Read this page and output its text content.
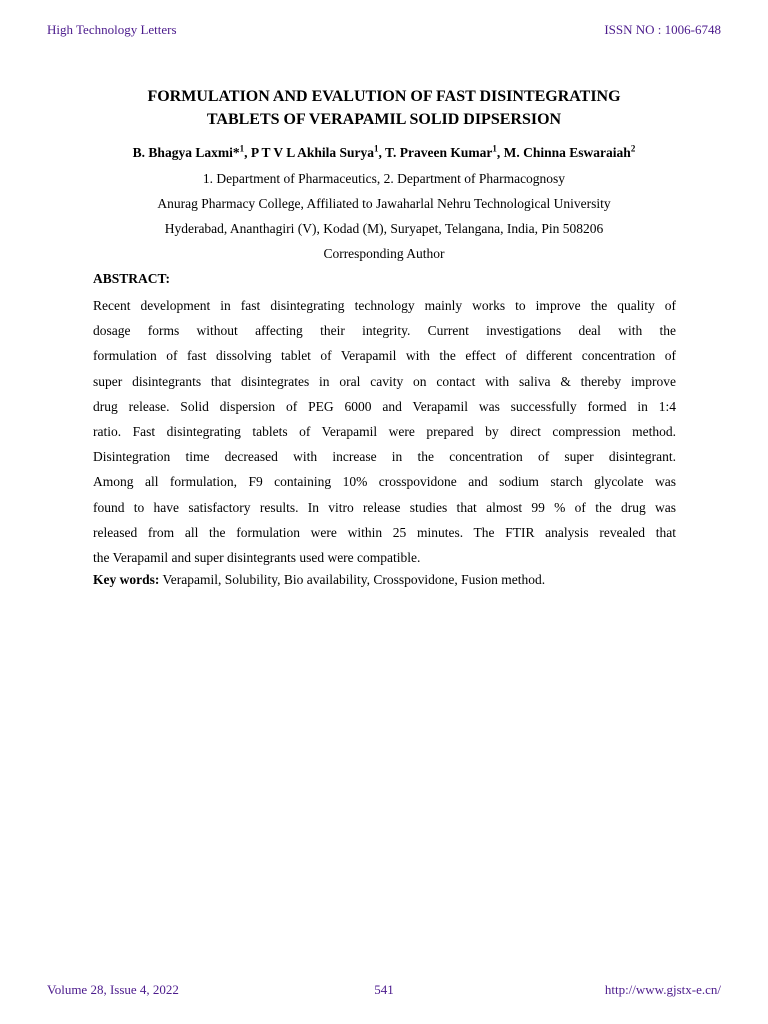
High Technology Letters	ISSN NO : 1006-6748
FORMULATION AND EVALUTION OF FAST DISINTEGRATING
TABLETS OF VERAPAMIL SOLID DIPSERSION
B. Bhagya Laxmi*$^1$, P T V L Akhila Surya$^1$, T. Praveen Kumar$^1$, M. Chinna Eswaraiah$^2$
1. Department of Pharmaceutics, 2. Department of Pharmacognosy
Anurag Pharmacy College, Affiliated to Jawaharlal Nehru Technological University
Hyderabad, Ananthagiri (V), Kodad (M), Suryapet, Telangana, India, Pin 508206
Corresponding Author
ABSTRACT:
Recent development in fast disintegrating technology mainly works to improve the quality of
dosage forms without affecting their integrity. Current investigations deal with the
formulation of fast dissolving tablet of Verapamil with the effect of different concentration of
super disintegrants that disintegrates in oral cavity on contact with saliva & thereby improve
drug release. Solid dispersion of PEG 6000 and Verapamil was successfully formed in 1:4
ratio. Fast disintegrating tablets of Verapamil were prepared by direct compression method.
Disintegration time decreased with increase in the concentration of super disintegrant.
Among all formulation, F9 containing 10% crosspovidone and sodium starch glycolate was
found to have satisfactory results. In vitro release studies that almost 99 % of the drug was
released from all the formulation were within 25 minutes. The FTIR analysis revealed that
the Verapamil and super disintegrants used were compatible.
Key words: Verapamil, Solubility, Bio availability, Crosspovidone, Fusion method.
Volume 28, Issue 4, 2022	541	http://www.gjstx-e.cn/
